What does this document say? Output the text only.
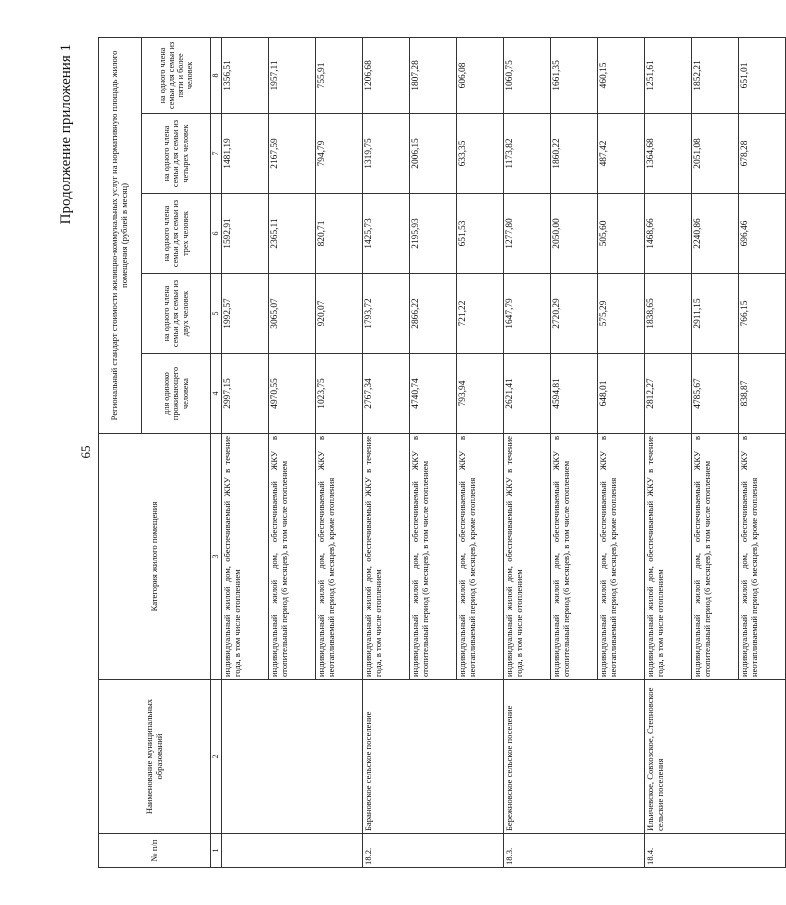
Продолжение приложения 1
65
№ п/п	Наименование муниципальных образований	Категория жилого помещения	Региональный стандарт стоимости жилищно-коммунальных услуг на нормативную площадь жилого помещения (рублей в месяц)				
			для одиноко проживающего человека	на одного члена семьи для семьи из двух человек	на одного члена семьи для семьи из трех человек	на одного члена семьи для семьи из четырех человек	на одного члена семьи для семьи из пяти и более человек
1	2	3	4	5	6	7	8
		индивидуальный жилой дом, обеспечиваемый ЖКУ в течение года, в том числе отоплением	2997,15	1992,57	1592,91	1481,19	1356,51
		индивидуальный жилой дом, обеспечиваемый ЖКУ в отопительный период (6 месяцев), в том числе отоплением	4970,55	3065,07	2365,11	2167,59	1957,11
		индивидуальный жилой дом, обеспечиваемый ЖКУ в неотапливаемый период (6 месяцев), кроме отопления	1023,75	920,07	820,71	794,79	755,91
18.2.	Барановское сельское поселение	индивидуальный жилой дом, обеспечиваемый ЖКУ в течение года, в том числе отоплением	2767,34	1793,72	1425,73	1319,75	1206,68
		индивидуальный жилой дом, обеспечиваемый ЖКУ в отопительный период (6 месяцев), в том числе отоплением	4740,74	2866,22	2195,93	2006,15	1807,28
		индивидуальный жилой дом, обеспечиваемый ЖКУ в неотапливаемый период (6 месяцев), кроме отопления	793,94	721,22	651,53	633,35	606,08
18.3.	Бережновское сельское поселение	индивидуальный жилой дом, обеспечиваемый ЖКУ в течение года, в том числе отоплением	2621,41	1647,79	1277,80	1173,82	1060,75
		индивидуальный жилой дом, обеспечиваемый ЖКУ в отопительный период (6 месяцев), в том числе отоплением	4594,81	2720,29	2050,00	1860,22	1661,35
		индивидуальный жилой дом, обеспечиваемый ЖКУ в неотапливаемый период (6 месяцев), кроме отопления	648,01	575,29	505,60	487,42	460,15
18.4.	Ильичевское, Совхозское, Степновское сельские поселения	индивидуальный жилой дом, обеспечиваемый ЖКУ в течение года, в том числе отоплением	2812,27	1838,65	1468,66	1364,68	1251,61
		индивидуальный жилой дом, обеспечиваемый ЖКУ в отопительный период (6 месяцев), в том числе отоплением	4785,67	2911,15	2240,86	2051,08	1852,21
		индивидуальный жилой дом, обеспечиваемый ЖКУ в неотапливаемый период (6 месяцев), кроме отопления	838,87	766,15	696,46	678,28	651,01
